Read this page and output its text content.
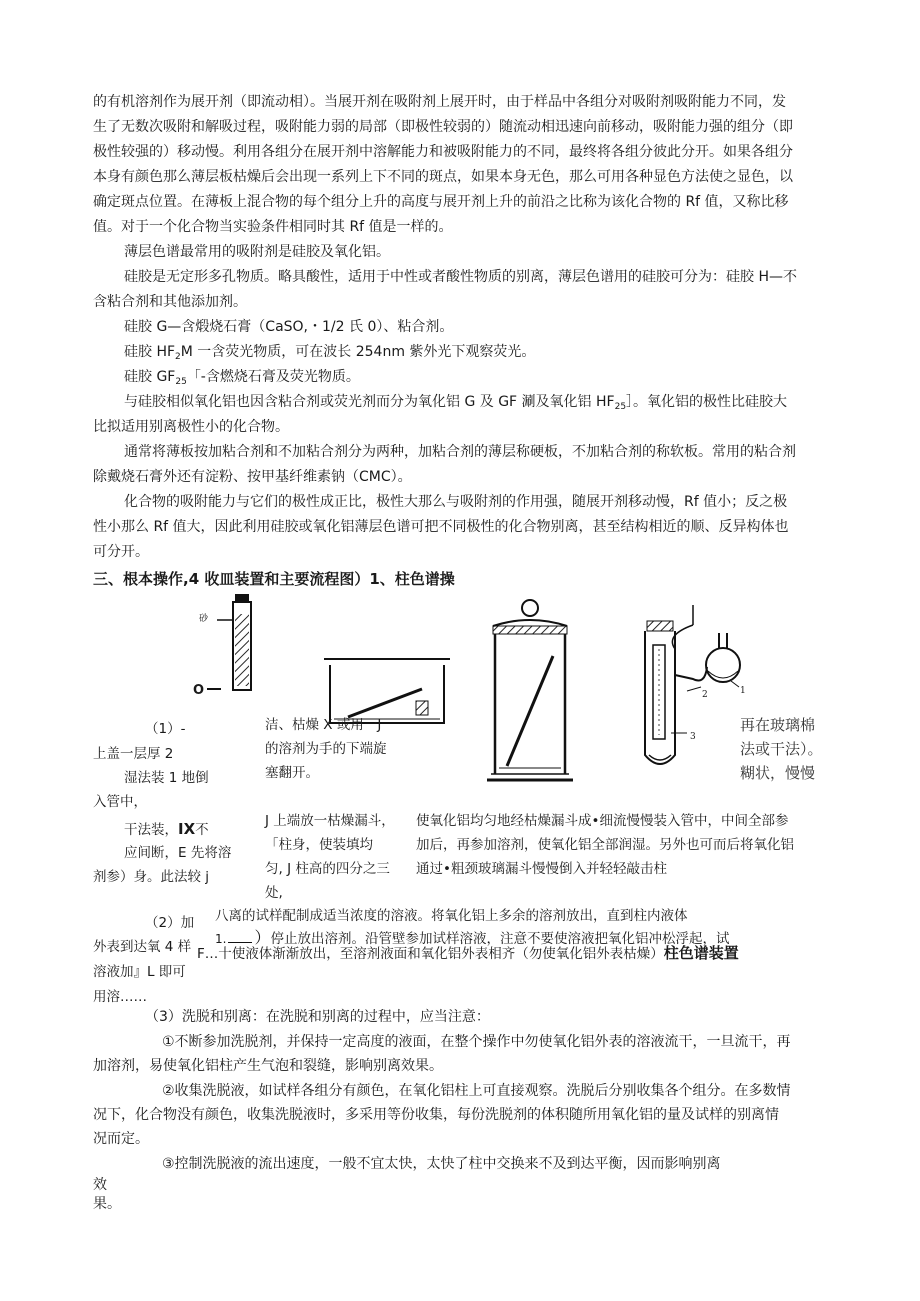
的有机溶剂作为展开剂（即流动相）。当展开剂在吸附剂上展开时，由于样品中各组分对吸附剂吸附能力不同，发
生了无数次吸附和解吸过程，吸附能力弱的局部（即极性较弱的）随流动相迅速向前移动，吸附能力强的组分（即
极性较强的）移动慢。利用各组分在展开剂中溶解能力和被吸附能力的不同，最终将各组分彼此分开。如果各组分
本身有颜色那么薄层板枯燥后会出现一系列上下不同的斑点，如果本身无色，那么可用各种显色方法使之显色，以
确定斑点位置。在薄板上混合物的每个组分上升的高度与展开剂上升的前沿之比称为该化合物的 Rf 值，又称比移
值。对于一个化合物当实验条件相同时其 Rf 值是一样的。
薄层色谱最常用的吸附剂是硅胶及氧化铝。
硅胶是无定形多孔物质。略具酸性，适用于中性或者酸性物质的别离，薄层色谱用的硅胶可分为：硅胶 H—不
含粘合剂和其他添加剂。
硅胶 G—含煅烧石膏（CaSO,・1/2 氏 0）、粘合剂。
硅胶 $HF_2M$ 一含荧光物质，可在波长 254nm 紫外光下观察荧光。
硅胶 $GF_{25}$「-含燃烧石膏及荧光物质。
与硅胶相似氧化铝也因含粘合剂或荧光剂而分为氧化铝 G 及 GF 涮及氧化铝 $HF_{25}]$。氧化铝的极性比硅胶大
比拟适用别离极性小的化合物。
通常将薄板按加粘合剂和不加粘合剂分为两种，加粘合剂的薄层称硬板，不加粘合剂的称软板。常用的粘合剂
除戴烧石膏外还有淀粉、按甲基纤维素钠（CMC）。
化合物的吸附能力与它们的极性成正比，极性大那么与吸附剂的作用强，随展开剂移动慢，Rf 值小；反之极
性小那么 Rf 值大，因此利用硅胶或氧化铝薄层色谱可把不同极性的化合物别离，甚至结构相近的顺、反异构体也
可分开。
三、根本操作,4 收皿装置和主要流程图）1、柱色谱操
砂
O	1
2
3
再在玻璃棉
法或干法）。
糊状，慢慢
（1）-
上盖一层厚 2
湿法装 1 地倒
入管中，
干法装，IX不
应间断，E 先将溶
剂参）身。此法较 j
洁、枯燥 X 或用一J
的溶剂为手的下端旋
塞翻开。
J 上端放一枯燥漏斗，
「柱身，使装填均
匀, J 柱高的四分之三
处,
使氧化铝均匀地经枯燥漏斗成•细流慢慢装入管中，中间全部参
加后，再参加溶剂，使氧化铝全部润湿。另外也可而后将氧化铝
通过•粗颈玻璃漏斗慢慢倒入并轻轻敲击柱
（2）加
外表到达氧 4 样
溶液加』L 即可
用溶……
八离的试样配制成适当浓度的溶液。将氧化铝上多余的溶剂放出，直到柱内液体
1. ）停止放出溶剂。沿管壁参加试样溶液，注意不要使溶液把氧化铝冲松浮起，试
F…十使液体渐渐放出，至溶剂液面和氧化铝外表相齐（勿使氧化铝外表枯燥）柱色谱装置
（3）洗脱和别离：在洗脱和别离的过程中，应当注意：
①不断参加洗脱剂，并保持一定高度的液面，在整个操作中勿使氧化铝外表的溶液流干，一旦流干，再
加溶剂，易使氧化铝柱产生气泡和裂缝，影响别离效果。
②收集洗脱液，如试样各组分有颜色，在氧化铝柱上可直接观察。洗脱后分别收集各个组分。在多数情
况下，化合物没有颜色，收集洗脱液时，多采用等份收集，每份洗脱剂的体积随所用氧化铝的量及试样的别离情
况而定。
③控制洗脱液的流出速度，一般不宜太快，太快了柱中交换来不及到达平衡，因而影响别离
效
果。
